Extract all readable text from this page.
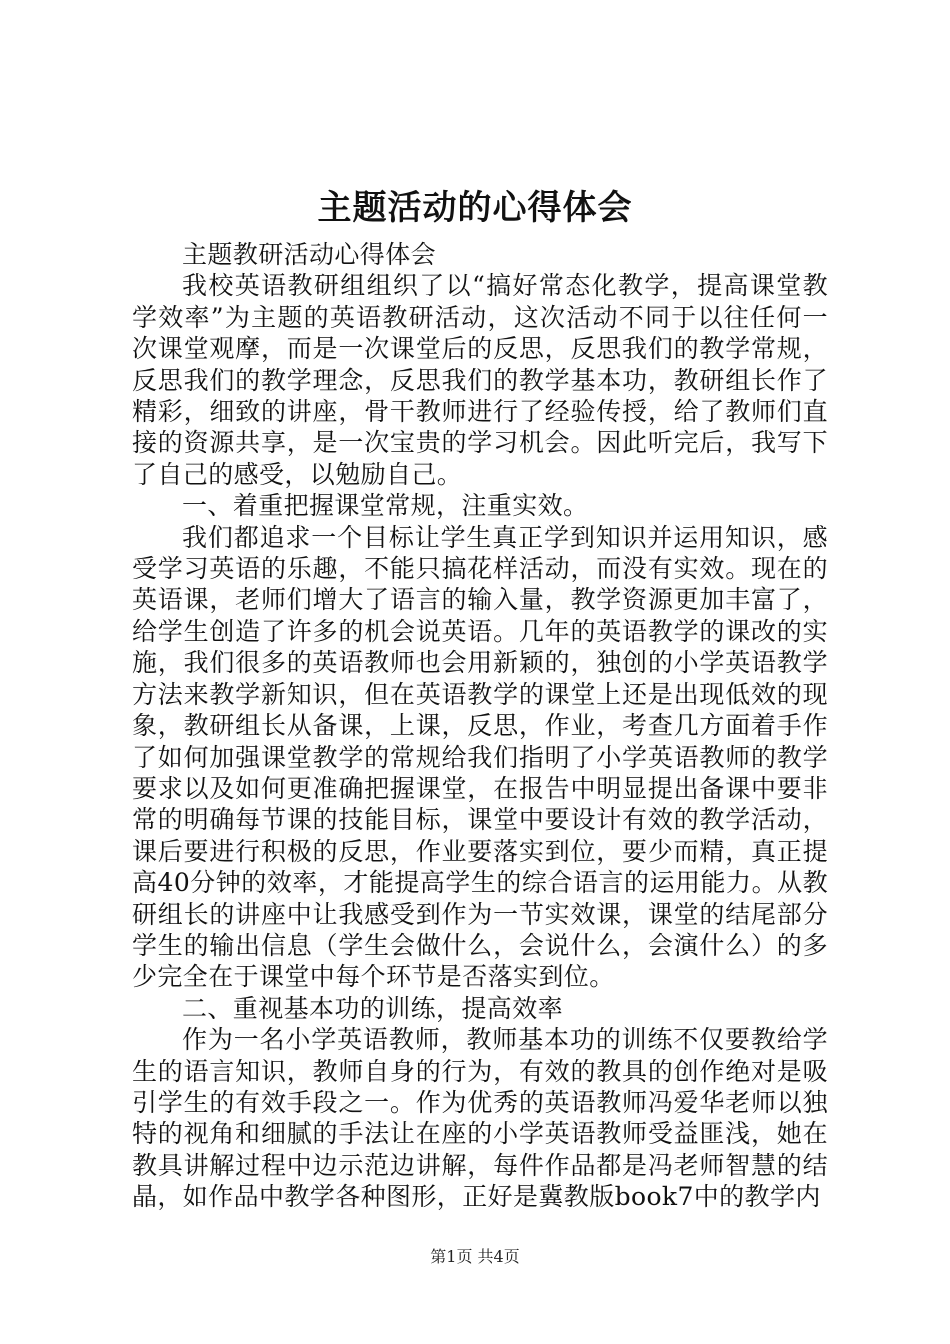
主题活动的心得体会

主题教研活动心得体会

我校英语教研组组织了以“搞好常态化教学，提高课堂教学效率”为主题的英语教研活动，这次活动不同于以往任何一次课堂观摩，而是一次课堂后的反思，反思我们的教学常规，反思我们的教学理念，反思我们的教学基本功，教研组长作了精彩，细致的讲座，骨干教师进行了经验传授，给了教师们直接的资源共享，是一次宝贵的学习机会。因此听完后，我写下了自己的感受，以勉励自己。

一、着重把握课堂常规，注重实效。

我们都追求一个目标让学生真正学到知识并运用知识，感受学习英语的乐趣，不能只搞花样活动，而没有实效。现在的英语课，老师们增大了语言的输入量，教学资源更加丰富了，给学生创造了许多的机会说英语。几年的英语教学的课改的实施，我们很多的英语教师也会用新颖的，独创的小学英语教学方法来教学新知识，但在英语教学的课堂上还是出现低效的现象，教研组长从备课，上课，反思，作业，考查几方面着手作了如何加强课堂教学的常规给我们指明了小学英语教师的教学要求以及如何更准确把握课堂，在报告中明显提出备课中要非常的明确每节课的技能目标，课堂中要设计有效的教学活动，课后要进行积极的反思，作业要落实到位，要少而精，真正提高40分钟的效率，才能提高学生的综合语言的运用能力。从教研组长的讲座中让我感受到作为一节实效课，课堂的结尾部分学生的输出信息（学生会做什么，会说什么，会演什么）的多少完全在于课堂中每个环节是否落实到位。

二、重视基本功的训练，提高效率

作为一名小学英语教师，教师基本功的训练不仅要教给学生的语言知识，教师自身的行为，有效的教具的创作绝对是吸引学生的有效手段之一。作为优秀的英语教师冯爱华老师以独特的视角和细腻的手法让在座的小学英语教师受益匪浅，她在教具讲解过程中边示范边讲解，每件作品都是冯老师智慧的结晶，如作品中教学各种图形，正好是冀教版book7中的教学内

第1页 共4页
